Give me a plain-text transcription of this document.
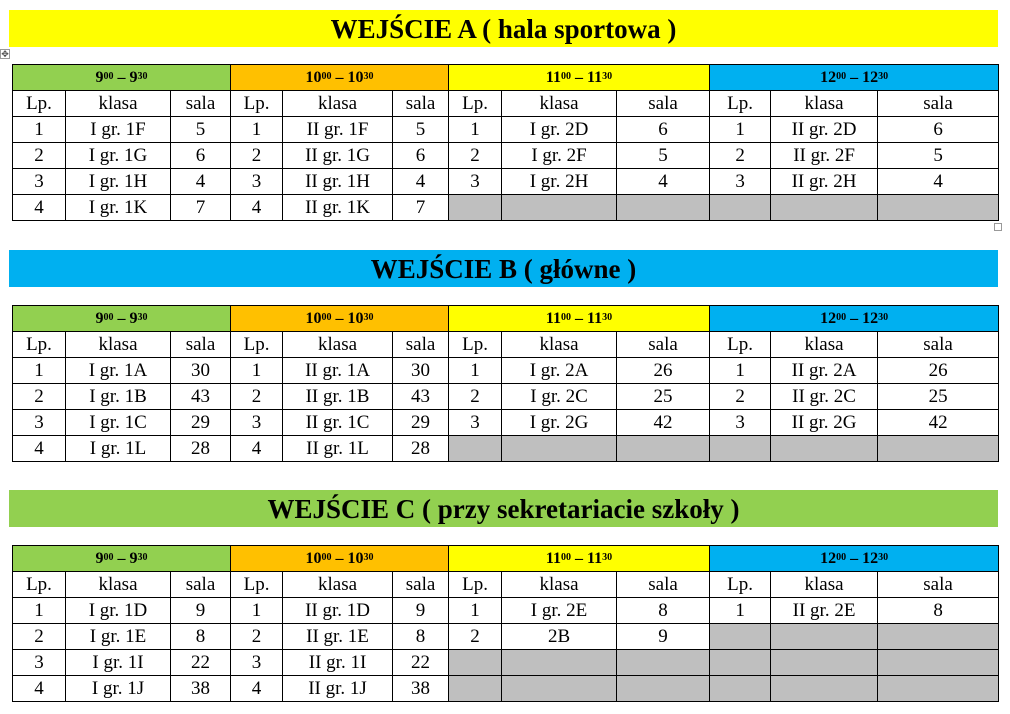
✥
WEJŚCIE A ( hala sportowa )
$9^{00} - 9^{30}$			$10^{00} - 10^{30}$			$11^{00} - 11^{30}$			$12^{00} - 12^{30}$
Lp.	klasa	sala	Lp.	klasa	sala	Lp.	klasa	sala	Lp.	klasa	sala
1	I gr. 1F	5	1	II gr. 1F	5	1	I gr. 2D	6	1	II gr. 2D	6
2	I gr. 1G	6	2	II gr. 1G	6	2	I gr. 2F	5	2	II gr. 2F	5
3	I gr. 1H	4	3	II gr. 1H	4	3	I gr. 2H	4	3	II gr. 2H	4
4	I gr. 1K	7	4	II gr. 1K	7						
WEJŚCIE B ( główne )
$9^{00} - 9^{30}$			$10^{00} - 10^{30}$			$11^{00} - 11^{30}$			$12^{00} - 12^{30}$
Lp.	klasa	sala	Lp.	klasa	sala	Lp.	klasa	sala	Lp.	klasa	sala
1	I gr. 1A	30	1	II gr. 1A	30	1	I gr. 2A	26	1	II gr. 2A	26
2	I gr. 1B	43	2	II gr. 1B	43	2	I gr. 2C	25	2	II gr. 2C	25
3	I gr. 1C	29	3	II gr. 1C	29	3	I gr. 2G	42	3	II gr. 2G	42
4	I gr. 1L	28	4	II gr. 1L	28						
WEJŚCIE C ( przy sekretariacie szkoły )
$9^{00} - 9^{30}$			$10^{00} - 10^{30}$			$11^{00} - 11^{30}$			$12^{00} - 12^{30}$
Lp.	klasa	sala	Lp.	klasa	sala	Lp.	klasa	sala	Lp.	klasa	sala
1	I gr. 1D	9	1	II gr. 1D	9	1	I gr. 2E	8	1	II gr. 2E	8
2	I gr. 1E	8	2	II gr. 1E	8	2	2B	9			
3	I gr. 1I	22	3	II gr. 1I	22						
4	I gr. 1J	38	4	II gr. 1J	38						
